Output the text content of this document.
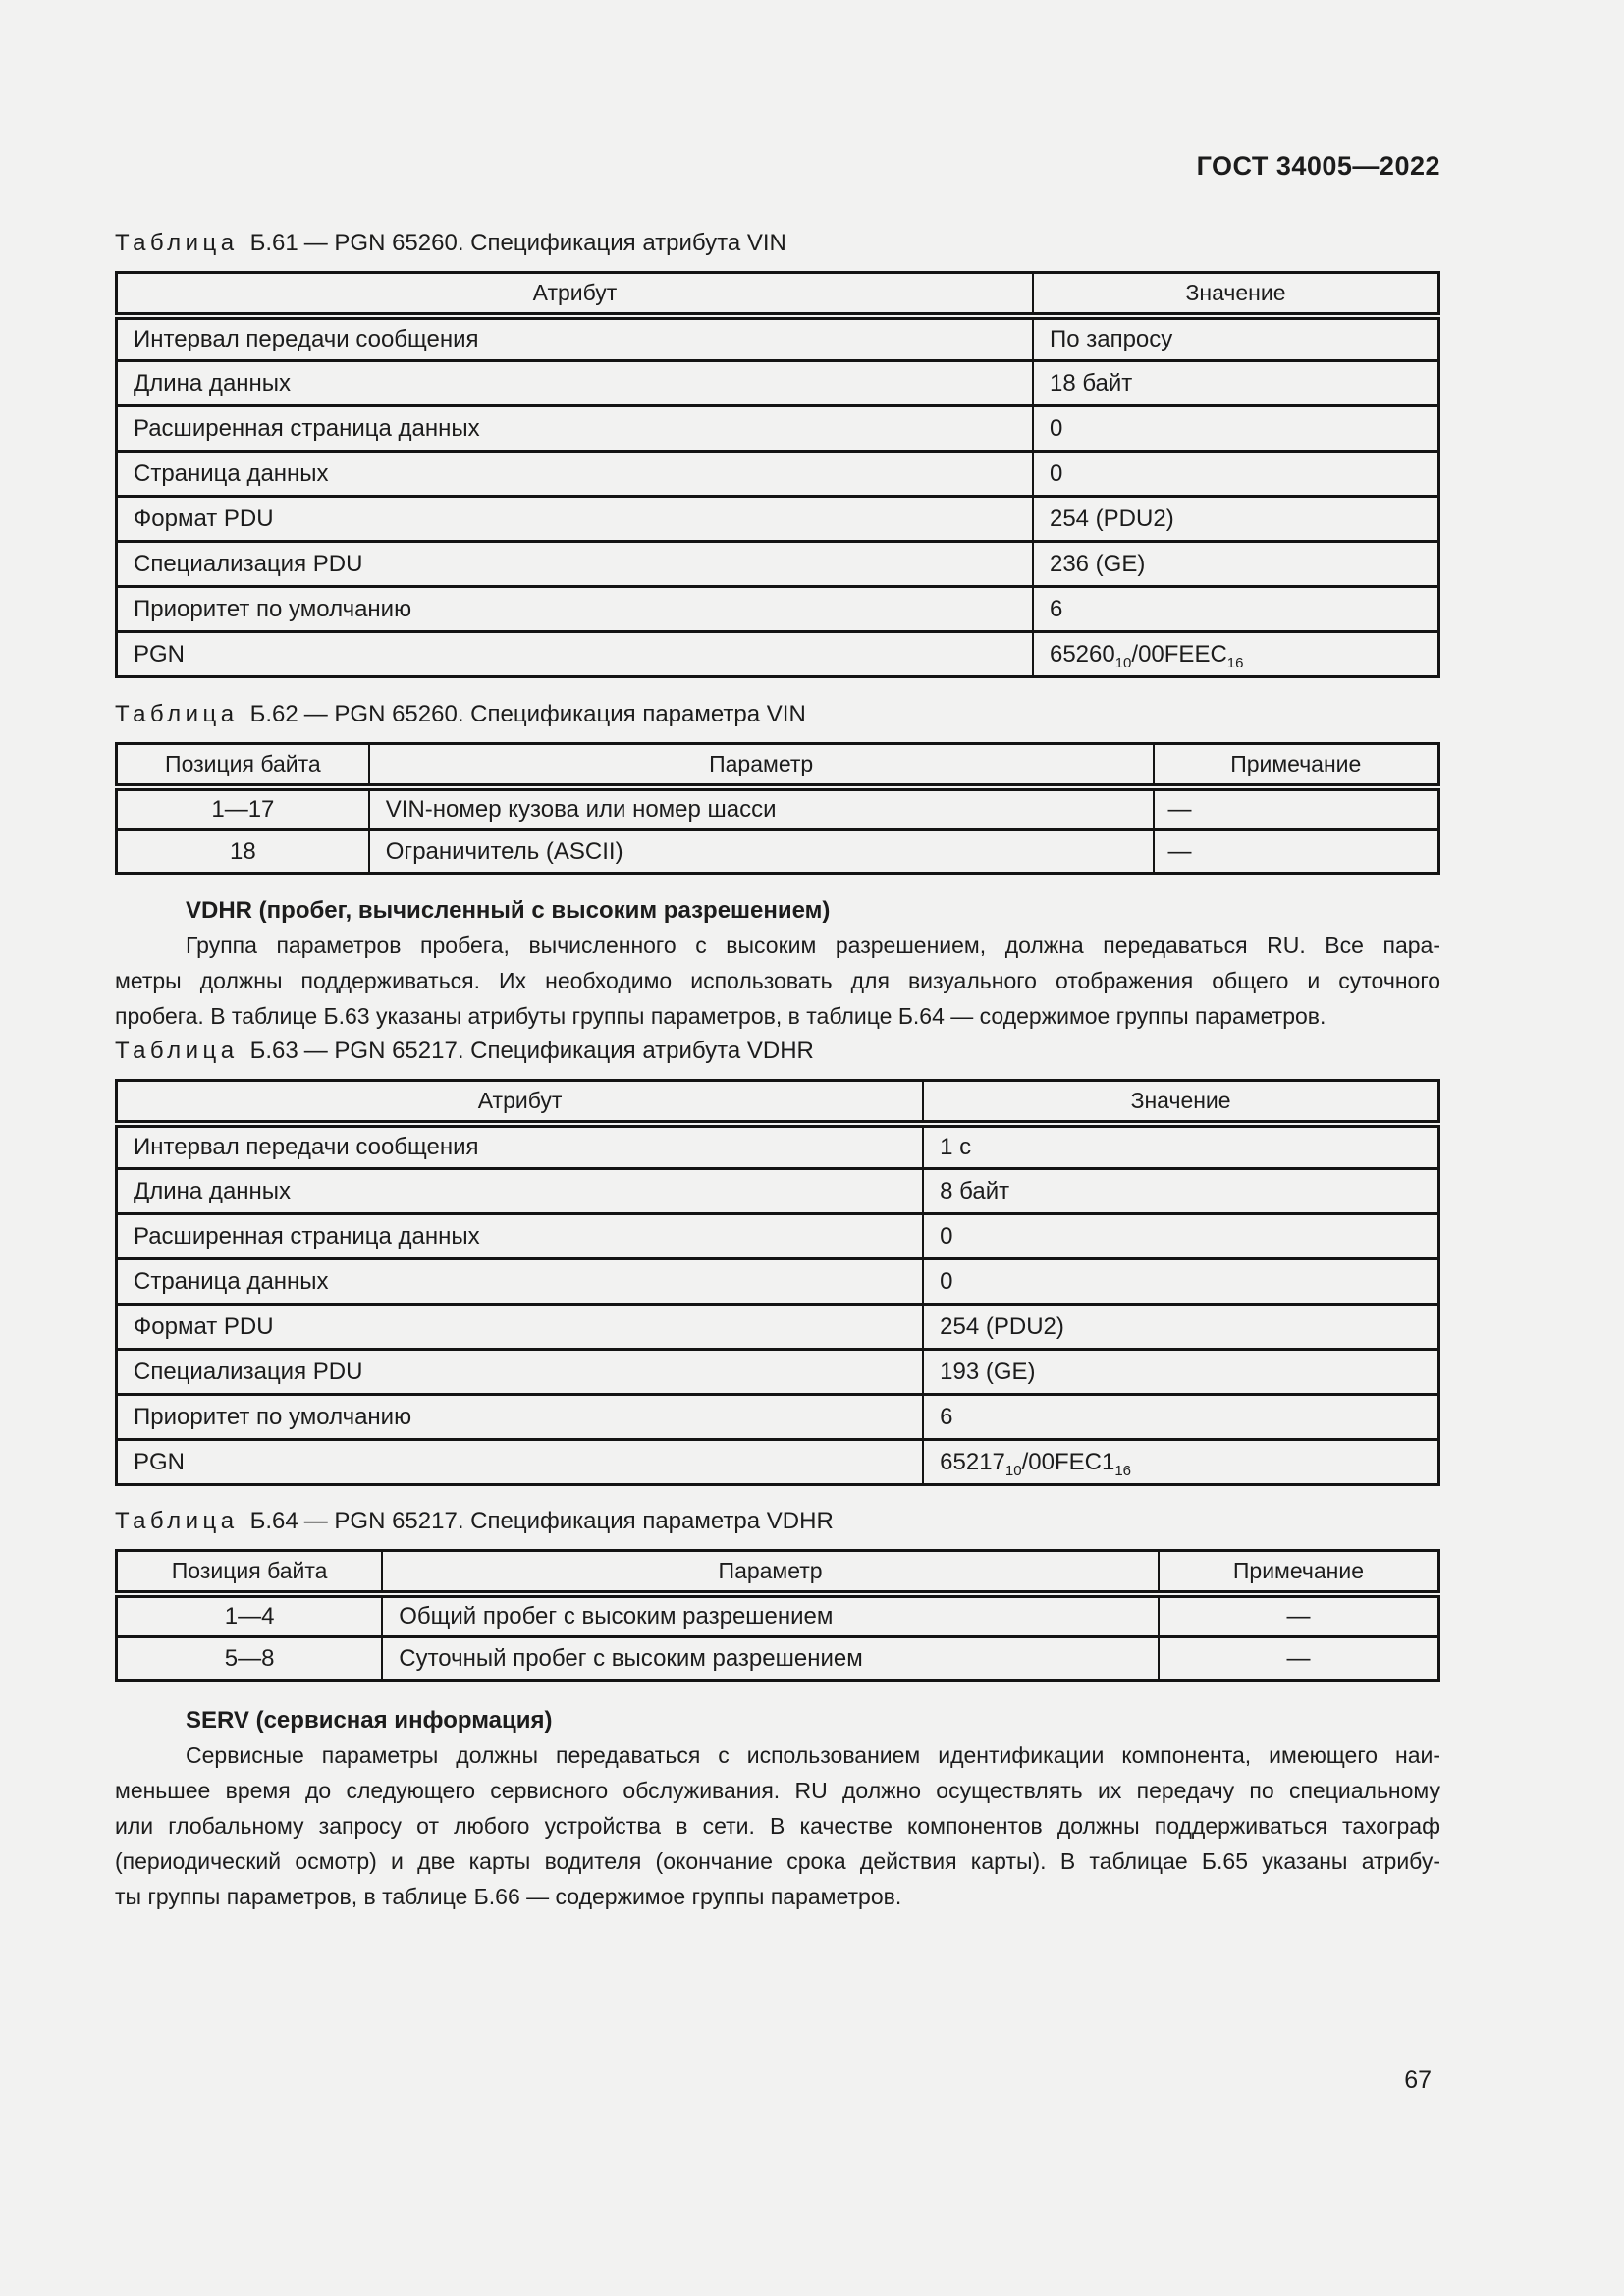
ГОСТ 34005—2022
Таблица Б.61 — PGN 65260. Спецификация атрибута VIN
Атрибут	Значение
Интервал передачи сообщения	По запросу
Длина данных	18 байт
Расширенная страница данных	0
Страница данных	0
Формат PDU	254 (PDU2)
Специализация PDU	236 (GE)
Приоритет по умолчанию	6
PGN	$65260_{10}/00FEEC_{16}$
Таблица Б.62 — PGN 65260. Спецификация параметра VIN
Позиция байта	Параметр	Примечание
1—17	VIN-номер кузова или номер шасси	—
18	Ограничитель (ASCII)	—
VDHR (пробег, вычисленный с высоким разрешением)
Группа параметров пробега, вычисленного с высоким разрешением, должна передаваться RU. Все пара-
метры должны поддерживаться. Их необходимо использовать для визуального отображения общего и суточного
пробега. В таблице Б.63 указаны атрибуты группы параметров, в таблице Б.64 — содержимое группы параметров.
Таблица Б.63 — PGN 65217. Спецификация атрибута VDHR
Атрибут	Значение
Интервал передачи сообщения	1 с
Длина данных	8 байт
Расширенная страница данных	0
Страница данных	0
Формат PDU	254 (PDU2)
Специализация PDU	193 (GE)
Приоритет по умолчанию	6
PGN	$65217_{10}/00FEC1_{16}$
Таблица Б.64 — PGN 65217. Спецификация параметра VDHR
Позиция байта	Параметр	Примечание
1—4	Общий пробег с высоким разрешением	—
5—8	Суточный пробег с высоким разрешением	—
SERV (сервисная информация)
Сервисные параметры должны передаваться с использованием идентификации компонента, имеющего наи-
меньшее время до следующего сервисного обслуживания. RU должно осуществлять их передачу по специальному
или глобальному запросу от любого устройства в сети. В качестве компонентов должны поддерживаться тахограф
(периодический осмотр) и две карты водителя (окончание срока действия карты). В таблицае Б.65 указаны атрибу-
ты группы параметров, в таблице Б.66 — содержимое группы параметров.
67
